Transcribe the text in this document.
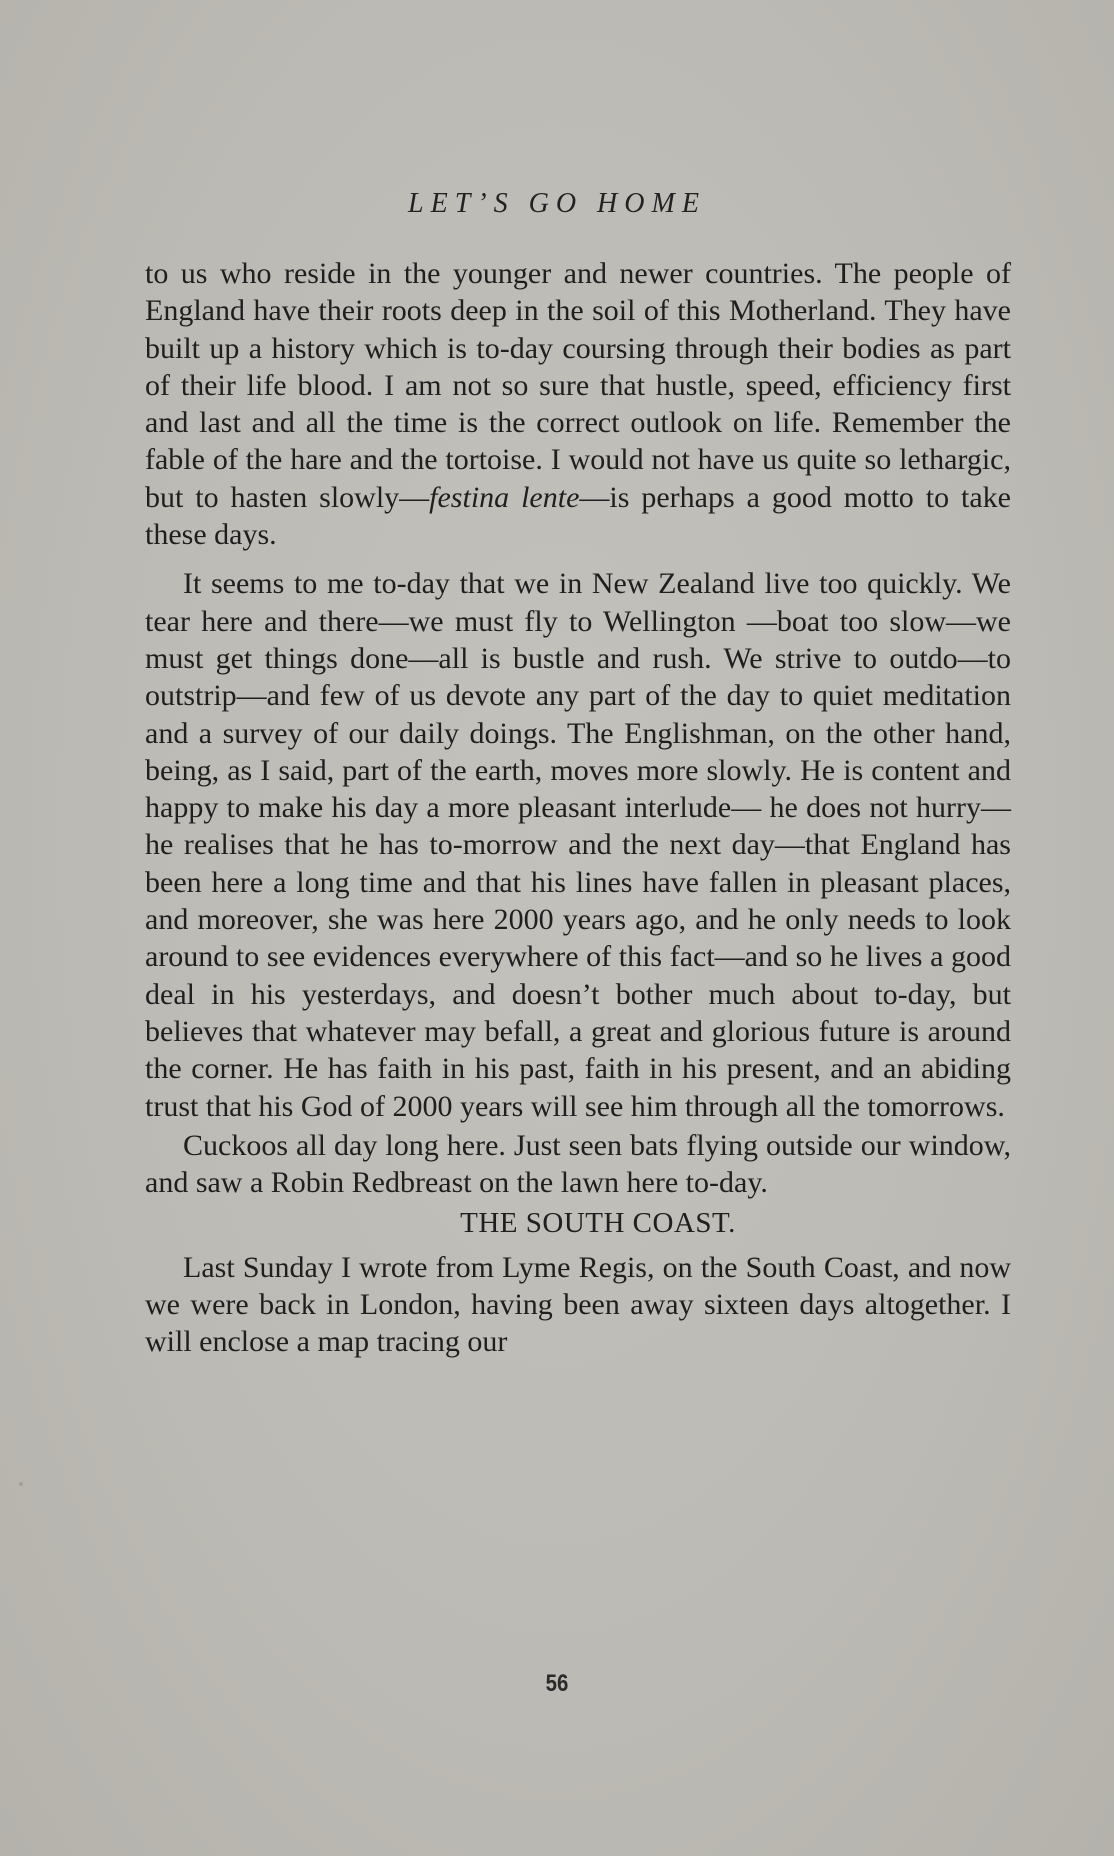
LET’S GO HOME

to us who reside in the younger and newer countries. The people of England have their roots deep in the soil of this Motherland. They have built up a history which is to-day coursing through their bodies as part of their life blood. I am not so sure that hustle, speed, efficiency first and last and all the time is the correct outlook on life. Remember the fable of the hare and the tortoise. I would not have us quite so lethargic, but to hasten slowly—festina lente—is perhaps a good motto to take these days.

It seems to me to-day that we in New Zealand live too quickly. We tear here and there—we must fly to Wellington —boat too slow—we must get things done—all is bustle and rush. We strive to outdo—to outstrip—and few of us devote any part of the day to quiet meditation and a survey of our daily doings. The Englishman, on the other hand, being, as I said, part of the earth, moves more slowly. He is content and happy to make his day a more pleasant interlude— he does not hurry—he realises that he has to-morrow and the next day—that England has been here a long time and that his lines have fallen in pleasant places, and moreover, she was here 2000 years ago, and he only needs to look around to see evidences everywhere of this fact—and so he lives a good deal in his yesterdays, and doesn’t bother much about to-day, but believes that whatever may befall, a great and glorious future is around the corner. He has faith in his past, faith in his present, and an abiding trust that his God of 2000 years will see him through all the tomorrows.

Cuckoos all day long here. Just seen bats flying outside our window, and saw a Robin Redbreast on the lawn here to-day.

THE SOUTH COAST.

Last Sunday I wrote from Lyme Regis, on the South Coast, and now we were back in London, having been away sixteen days altogether. I will enclose a map tracing our

56
